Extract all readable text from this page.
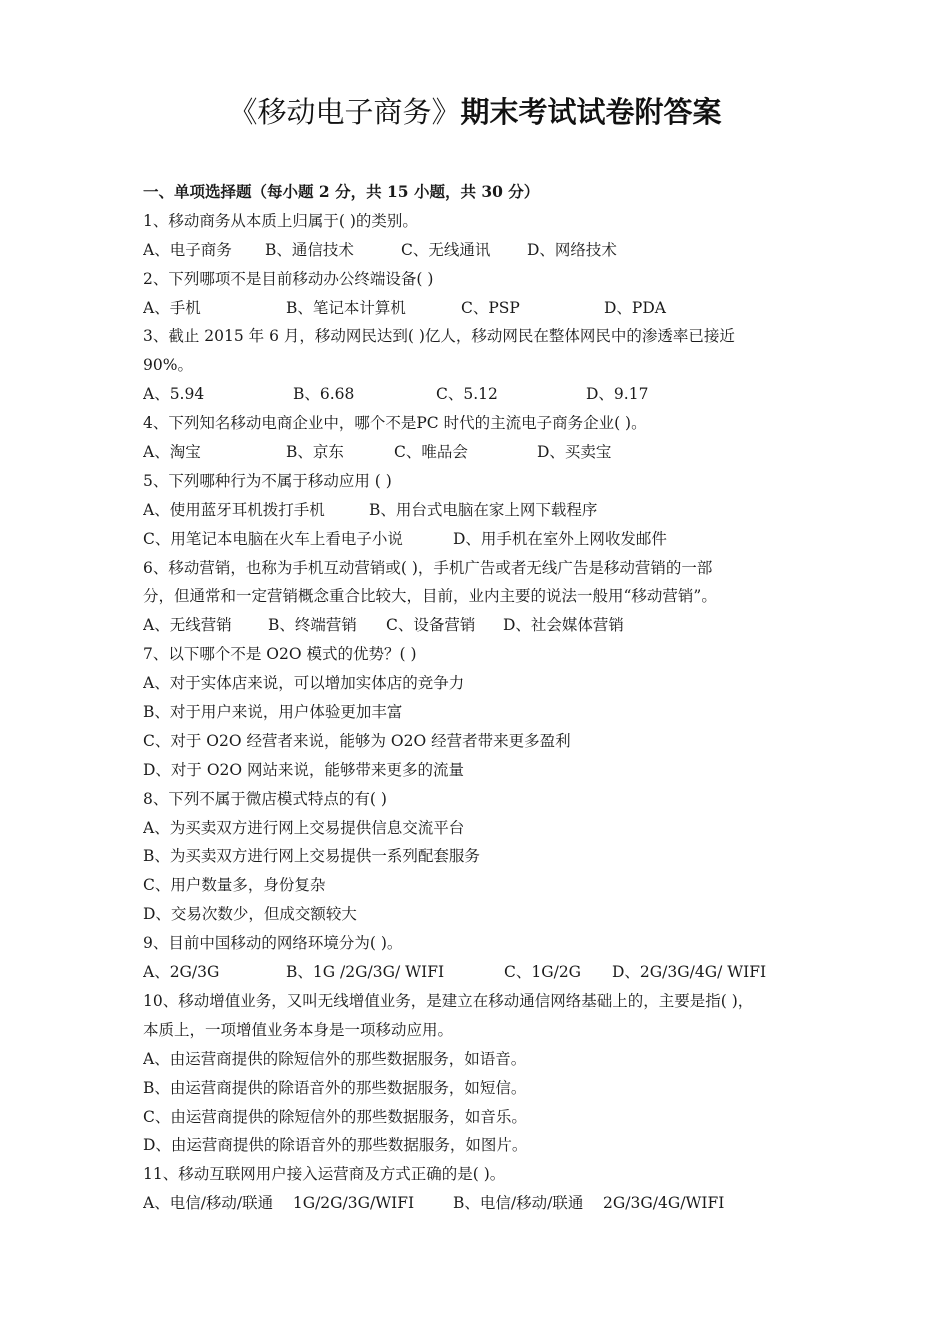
《移动电子商务》期末考试试卷附答案
一、单项选择题（每小题 2 分，共 15 小题，共 30 分）
1、移动商务从本质上归属于( )的类别。
A、电子商务	B、通信技术	C、无线通讯	D、网络技术
2、下列哪项不是目前移动办公终端设备( )
A、手机	B、笔记本计算机	C、PSP	D、PDA
3、截止 2015 年 6 月，移动网民达到( )亿人，移动网民在整体网民中的渗透率已接近
90%。
A、5.94	B、6.68	C、5.12	D、9.17
4、下列知名移动电商企业中，哪个不是PC 时代的主流电子商务企业( )。
A、淘宝	B、京东	C、唯品会	D、买卖宝
5、下列哪种行为不属于移动应用 ( )
A、使用蓝牙耳机拨打手机	B、用台式电脑在家上网下载程序
C、用笔记本电脑在火车上看电子小说	D、用手机在室外上网收发邮件
6、移动营销，也称为手机互动营销或( )，手机广告或者无线广告是移动营销的一部
分，但通常和一定营销概念重合比较大，目前，业内主要的说法一般用“移动营销”。
A、无线营销	B、终端营销	C、设备营销	D、社会媒体营销
7、以下哪个不是 O2O 模式的优势？( )
A、对于实体店来说，可以增加实体店的竞争力
B、对于用户来说，用户体验更加丰富
C、对于 O2O 经营者来说，能够为 O2O 经营者带来更多盈利
D、对于 O2O 网站来说，能够带来更多的流量
8、下列不属于微店模式特点的有( )
A、为买卖双方进行网上交易提供信息交流平台
B、为买卖双方进行网上交易提供一系列配套服务
C、用户数量多，身份复杂
D、交易次数少，但成交额较大
9、目前中国移动的网络环境分为( )。
A、2G/3G	B、1G /2G/3G/ WIFI	C、1G/2G	D、2G/3G/4G/ WIFI
10、移动增值业务，又叫无线增值业务，是建立在移动通信网络基础上的，主要是指( )，
本质上，一项增值业务本身是一项移动应用。
A、由运营商提供的除短信外的那些数据服务，如语音。
B、由运营商提供的除语音外的那些数据服务，如短信。
C、由运营商提供的除短信外的那些数据服务，如音乐。
D、由运营商提供的除语音外的那些数据服务，如图片。
11、移动互联网用户接入运营商及方式正确的是( )。
A、电信/移动/联通    1G/2G/3G/WIFI	B、电信/移动/联通    2G/3G/4G/WIFI
